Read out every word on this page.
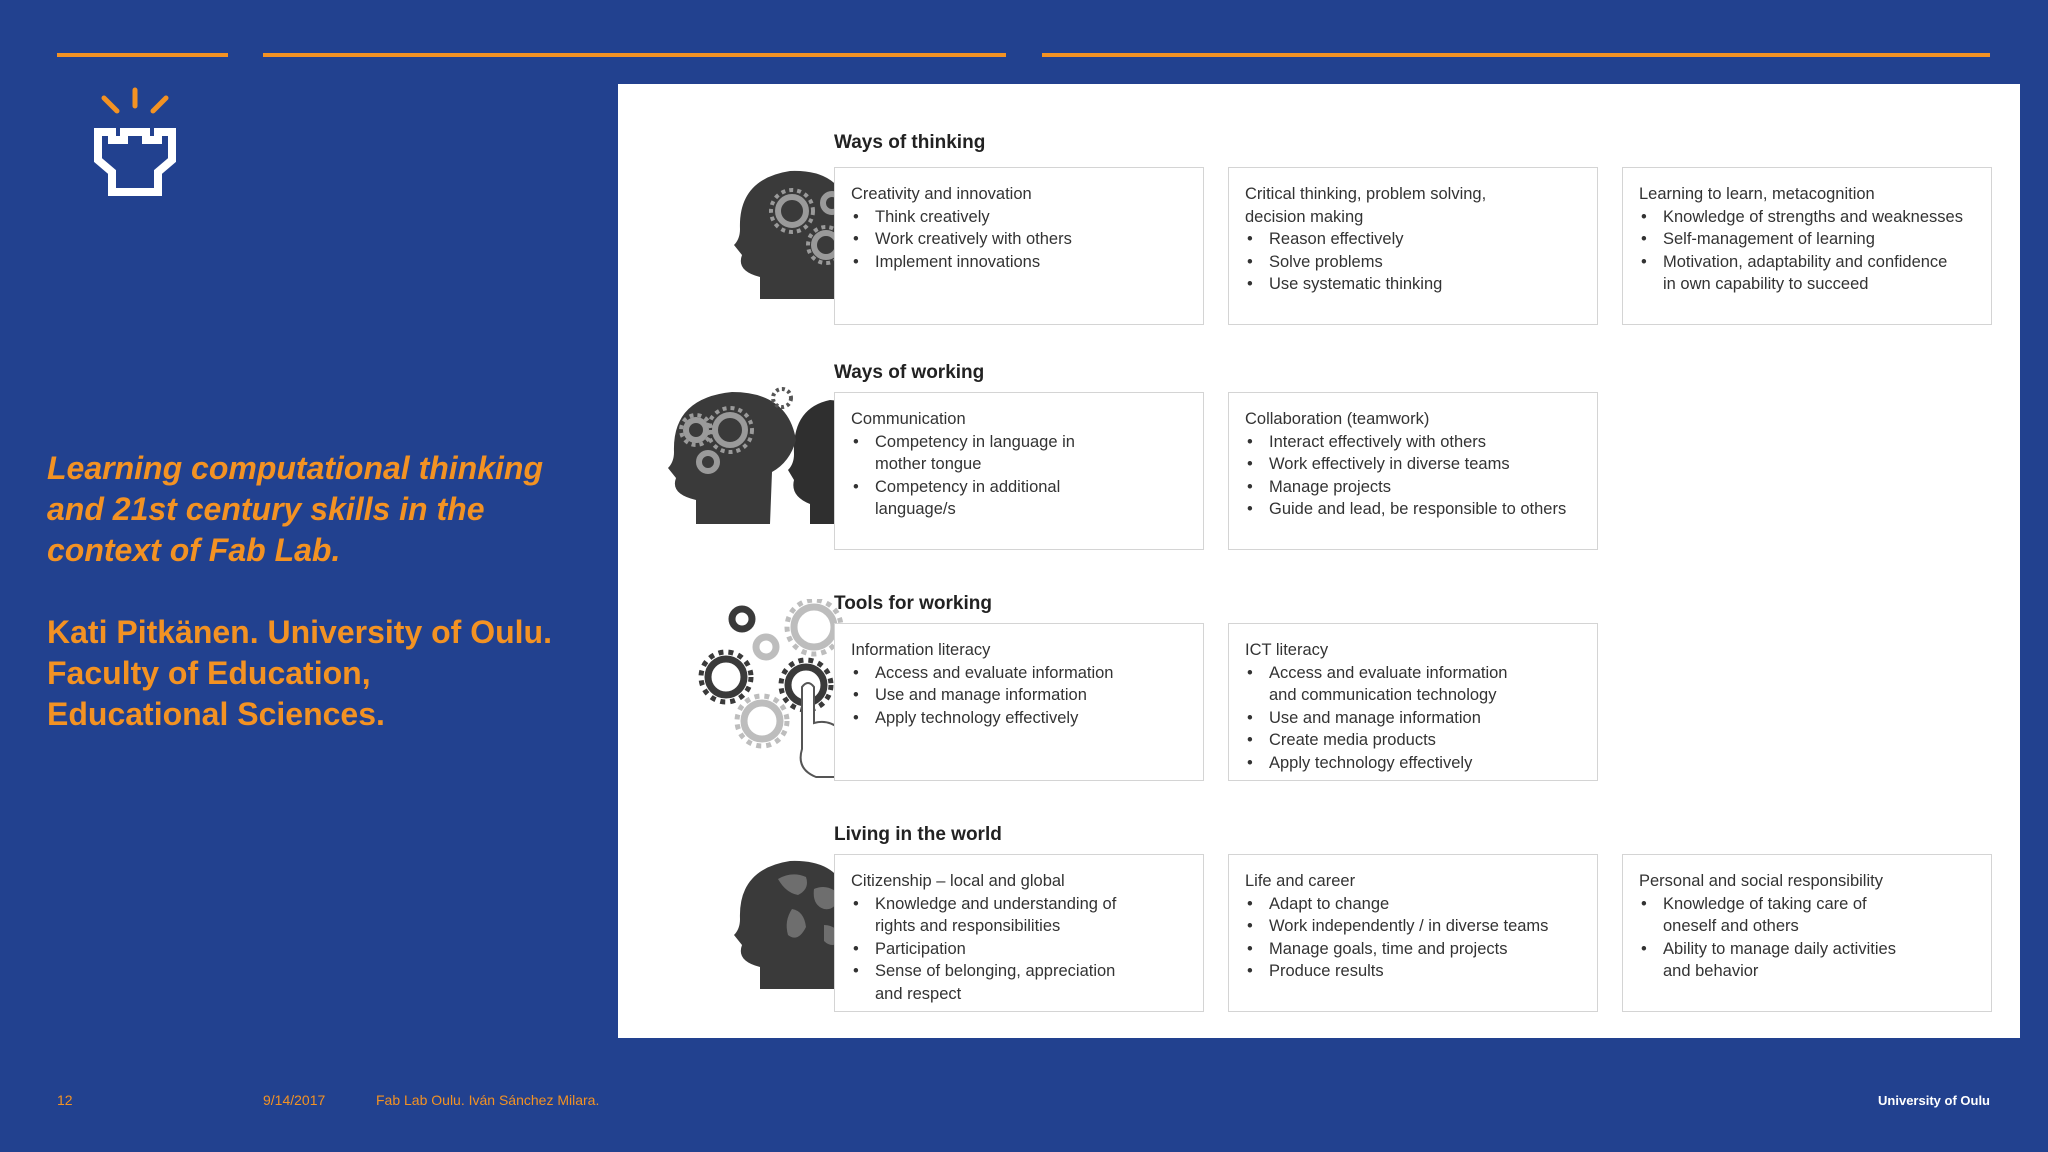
Learning computational thinking
and 21st century skills in the
context of Fab Lab.

Kati Pitkänen. University of Oulu.
Faculty of Education,
Educational Sciences.

Ways of thinking

Creativity and innovation

• Think creatively
• Work creatively with others
• Implement innovations

Critical thinking, problem solving,
decision making

• Reason effectively
• Solve problems
• Use systematic thinking

Learning to learn, metacognition

• Knowledge of strengths and weaknesses
• Self-management of learning
• Motivation, adaptability and confidence
in own capability to succeed
Ways of working

Communication

• Competency in language in
mother tongue
• Competency in additional
language/s

Collaboration (teamwork)

• Interact effectively with others
• Work effectively in diverse teams
• Manage projects
• Guide and lead, be responsible to others
Tools for working

Information literacy

• Access and evaluate information
• Use and manage information
• Apply technology effectively

ICT literacy

• Access and evaluate information
and communication technology
• Use and manage information
• Create media products
• Apply technology effectively
Living in the world

Citizenship – local and global

• Knowledge and understanding of
rights and responsibilities
• Participation
• Sense of belonging, appreciation
and respect

Life and career

• Adapt to change
• Work independently / in diverse teams
• Manage goals, time and projects
• Produce results

Personal and social responsibility

• Knowledge of taking care of
oneself and others
• Ability to manage daily activities
and behavior
12	9/14/2017	Fab Lab Oulu. Iván Sánchez Milara.	University of Oulu
